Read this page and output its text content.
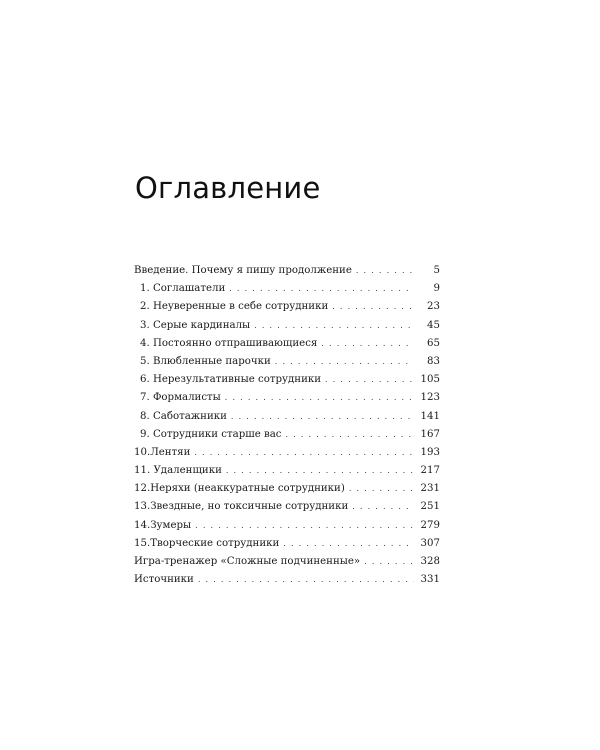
Оглавление
Введение. Почему я пишу продолжение . . .	5
1. Соглашатели . . .	9
2. Неуверенные в себе сотрудники . . .	23
3. Серые кардиналы . . .	45
4. Постоянно отпрашивающиеся . . .	65
5. Влюбленные парочки . . .	83
6. Нерезультативные сотрудники . . .	105
7. Формалисты . . .	123
8. Саботажники . . .	141
9. Сотрудники старше вас . . .	167
10.Лентяи . . .	193
11. Удаленщики . . .	217
12.Неряхи (неаккуратные сотрудники) . . .	231
13.Звездные, но токсичные сотрудники . . .	251
14.Зумеры . . .	279
15.Творческие сотрудники . . .	307
Игра-тренажер «Сложные подчиненные» . . .	328
Источники . . .	331
